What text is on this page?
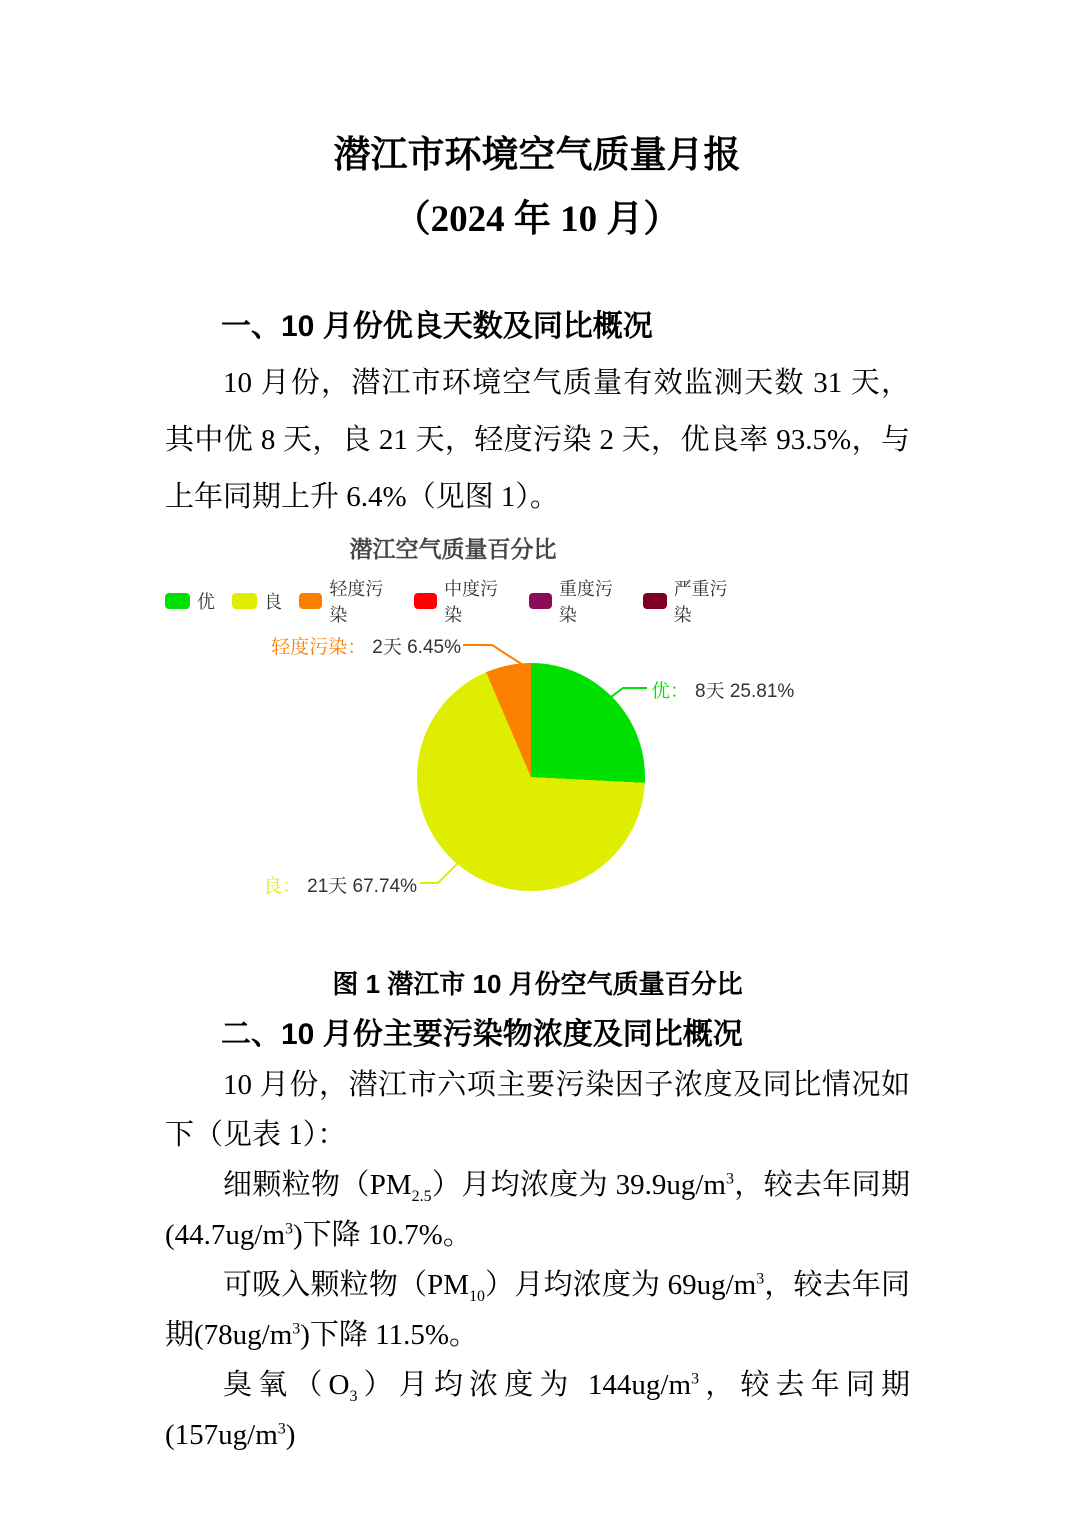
潜江市环境空气质量月报
（2024 年 10 月）
一、10 月份优良天数及同比概况

10 月份，潜江市环境空气质量有效监测天数 31 天，其中优 8 天，良 21 天，轻度污染 2 天，优良率 93.5%，与上年同期上升 6.4%（见图 1）。

潜江空气质量百分比
优	良
轻度污染
中度污染
重度污染
严重污染
轻度污染： 2天 6.45%
优： 8天 25.81%
良： 21天 67.74%
图 1 潜江市 10 月份空气质量百分比
二、10 月份主要污染物浓度及同比概况

10 月份，潜江市六项主要污染因子浓度及同比情况如下（见表 1）：

细颗粒物$(PM_{2.5})$月均浓度为 $39.9ug/m^3$，较去年同期$(44.7ug/m^3)$下降 10.7%。

可吸入颗粒物$(PM_{10})$月均浓度为 $69ug/m^3$，较去年同期$(78ug/m^3)$下降 11.5%。

臭氧$(O_3)$月均浓度为 $144ug/m^3$，较去年同期$(157ug/m^3)$
